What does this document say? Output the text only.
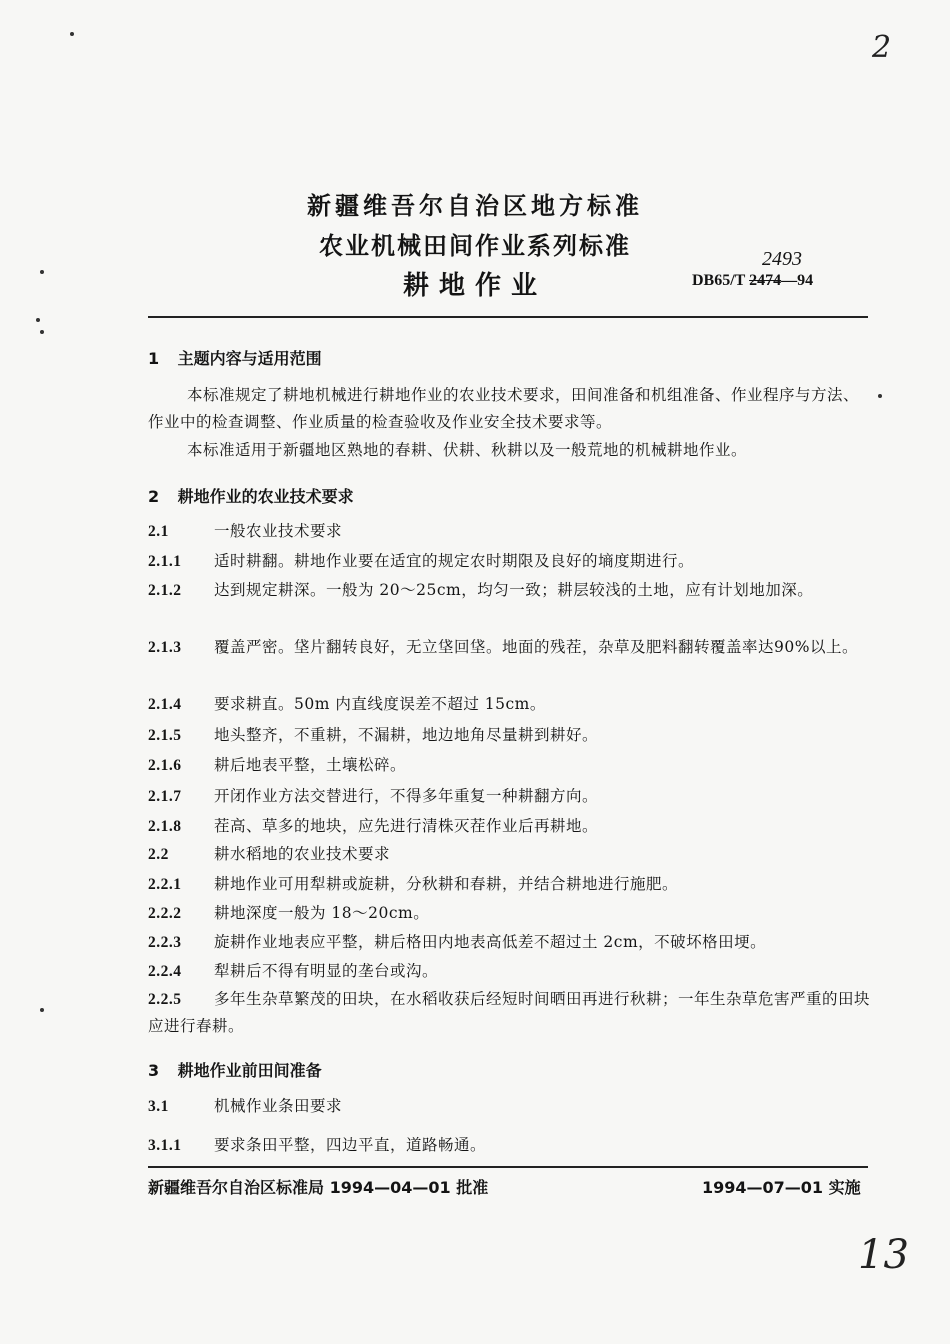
2
13
新疆维吾尔自治区地方标准
农业机械田间作业系列标准
耕地作业	DB65/T 2474—94
2493
1 主题内容与适用范围
本标准规定了耕地机械进行耕地作业的农业技术要求，田间准备和机组准备、作业程序与方法、作业中的检查调整、作业质量的检查验收及作业安全技术要求等。
本标准适用于新疆地区熟地的春耕、伏耕、秋耕以及一般荒地的机械耕地作业。
2 耕地作业的农业技术要求
2.1	一般农业技术要求
2.1.1 适时耕翻。耕地作业要在适宜的规定农时期限及良好的墒度期进行。
2.1.2 达到规定耕深。一般为 20～25cm，均匀一致；耕层较浅的土地，应有计划地加深。
2.1.3 覆盖严密。垡片翻转良好，无立垡回垡。地面的残茬，杂草及肥料翻转覆盖率达90%以上。
2.1.4 要求耕直。50m 内直线度误差不超过 15cm。
2.1.5 地头整齐，不重耕，不漏耕，地边地角尽量耕到耕好。
2.1.6 耕后地表平整，土壤松碎。
2.1.7 开闭作业方法交替进行，不得多年重复一种耕翻方向。
2.1.8 茬高、草多的地块，应先进行清株灭茬作业后再耕地。
2.2	耕水稻地的农业技术要求
2.2.1 耕地作业可用犁耕或旋耕，分秋耕和春耕，并结合耕地进行施肥。
2.2.2 耕地深度一般为 18～20cm。
2.2.3 旋耕作业地表应平整，耕后格田内地表高低差不超过土 2cm，不破坏格田埂。
2.2.4 犁耕后不得有明显的垄台或沟。
2.2.5 多年生杂草繁茂的田块，在水稻收获后经短时间晒田再进行秋耕；一年生杂草危害严重的田块应进行春耕。
3 耕地作业前田间准备
3.1	机械作业条田要求
3.1.1 要求条田平整，四边平直，道路畅通。
新疆维吾尔自治区标准局 1994—04—01 批准	1994—07—01 实施
